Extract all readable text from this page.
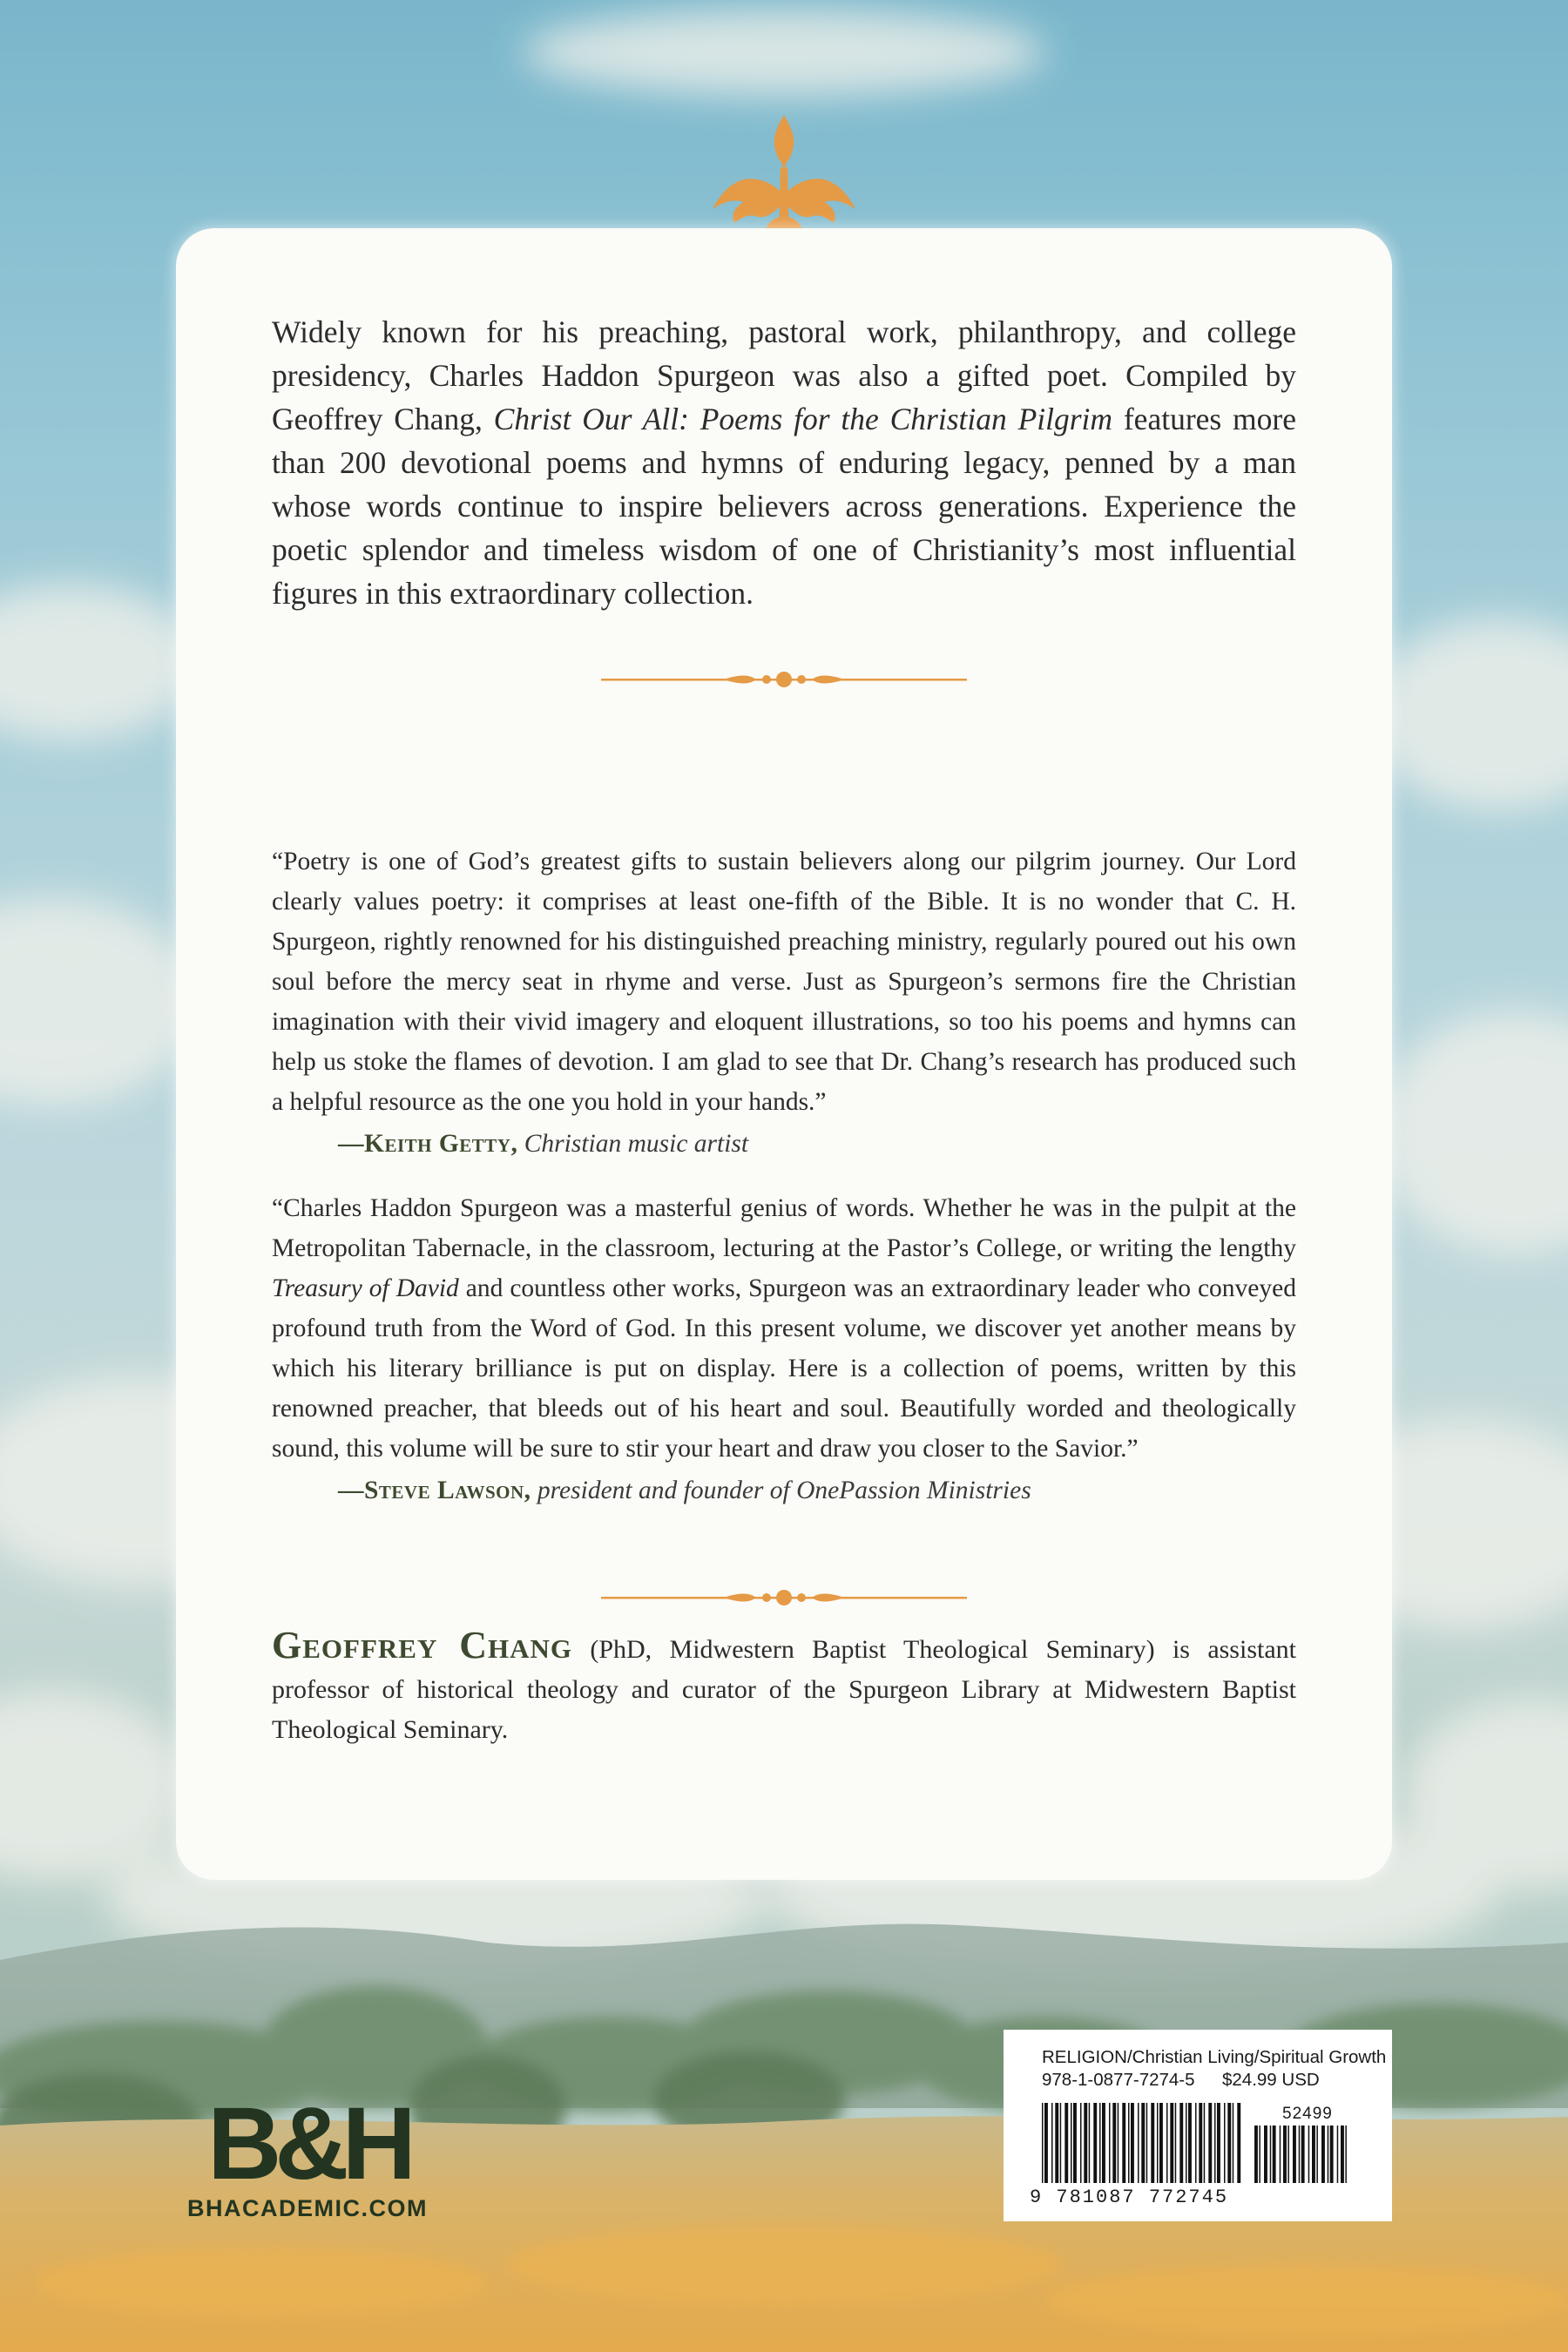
Widely known for his preaching, pastoral work, philanthropy, and college presidency, Charles Haddon Spurgeon was also a gifted poet. Compiled by Geoffrey Chang, Christ Our All: Poems for the Christian Pilgrim features more than 200 devotional poems and hymns of enduring legacy, penned by a man whose words continue to inspire believers across generations. Experience the poetic splendor and timeless wisdom of one of Christianity’s most influential figures in this extraordinary collection.

“Poetry is one of God’s greatest gifts to sustain believers along our pilgrim journey. Our Lord clearly values poetry: it comprises at least one-fifth of the Bible. It is no wonder that C. H. Spurgeon, rightly renowned for his distinguished preaching ministry, regularly poured out his own soul before the mercy seat in rhyme and verse. Just as Spurgeon’s sermons fire the Christian imagination with their vivid imagery and eloquent illustrations, so too his poems and hymns can help us stoke the flames of devotion. I am glad to see that Dr. Chang’s research has produced such a helpful resource as the one you hold in your hands.”

—Keith Getty, Christian music artist

“Charles Haddon Spurgeon was a masterful genius of words. Whether he was in the pulpit at the Metropolitan Tabernacle, in the classroom, lecturing at the Pastor’s College, or writing the lengthy Treasury of David and countless other works, Spurgeon was an extraordinary leader who conveyed profound truth from the Word of God. In this present volume, we discover yet another means by which his literary brilliance is put on display. Here is a collection of poems, written by this renowned preacher, that bleeds out of his heart and soul. Beautifully worded and theologically sound, this volume will be sure to stir your heart and draw you closer to the Savior.”

—Steve Lawson, president and founder of OnePassion Ministries

Geoffrey Chang (PhD, Midwestern Baptist Theological Seminary) is assistant professor of historical theology and curator of the Spurgeon Library at Midwestern Baptist Theological Seminary.

B&H
BHACADEMIC.COM
RELIGION/Christian Living/Spiritual Growth
978-1-0877-7274-5 $24.99 USD
52499
9 781087 772745
